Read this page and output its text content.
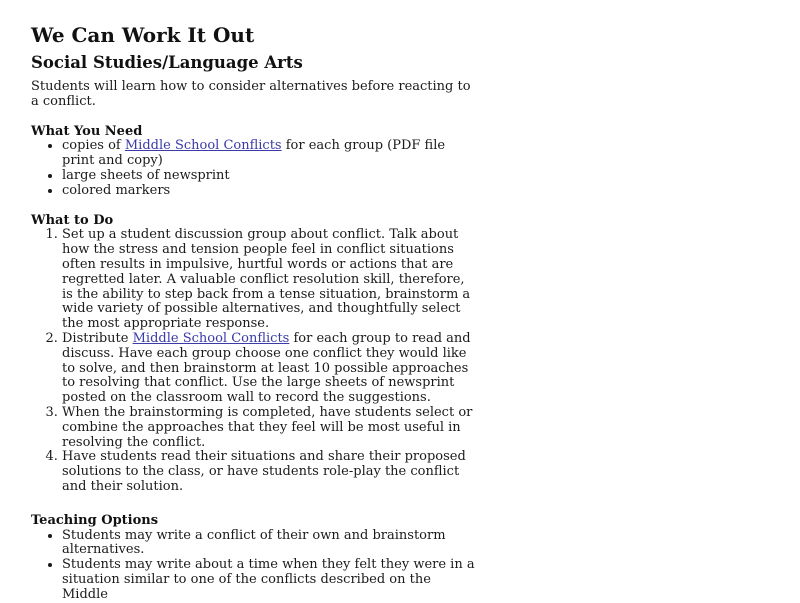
We Can Work It Out
Social Studies/Language Arts

Students will learn how to consider alternatives before reacting to a conflict.

What You Need
• copies of Middle School Conflicts for each group (PDF file print and copy)
• large sheets of newsprint
• colored markers
What to Do
1. Set up a student discussion group about conflict. Talk about how the stress and tension people feel in conflict situations often results in impulsive, hurtful words or actions that are regretted later. A valuable conflict resolution skill, therefore, is the ability to step back from a tense situation, brainstorm a wide variety of possible alternatives, and thoughtfully select the most appropriate response.
2. Distribute Middle School Conflicts for each group to read and discuss. Have each group choose one conflict they would like to solve, and then brainstorm at least 10 possible approaches to resolving that conflict. Use the large sheets of newsprint posted on the classroom wall to record the suggestions.
3. When the brainstorming is completed, have students select or combine the approaches that they feel will be most useful in resolving the conflict.
4. Have students read their situations and share their proposed solutions to the class, or have students role-play the conflict and their solution.
Teaching Options
• Students may write a conflict of their own and brainstorm alternatives.
• Students may write about a time when they felt they were in a situation similar to one of the conflicts described on the Middle
